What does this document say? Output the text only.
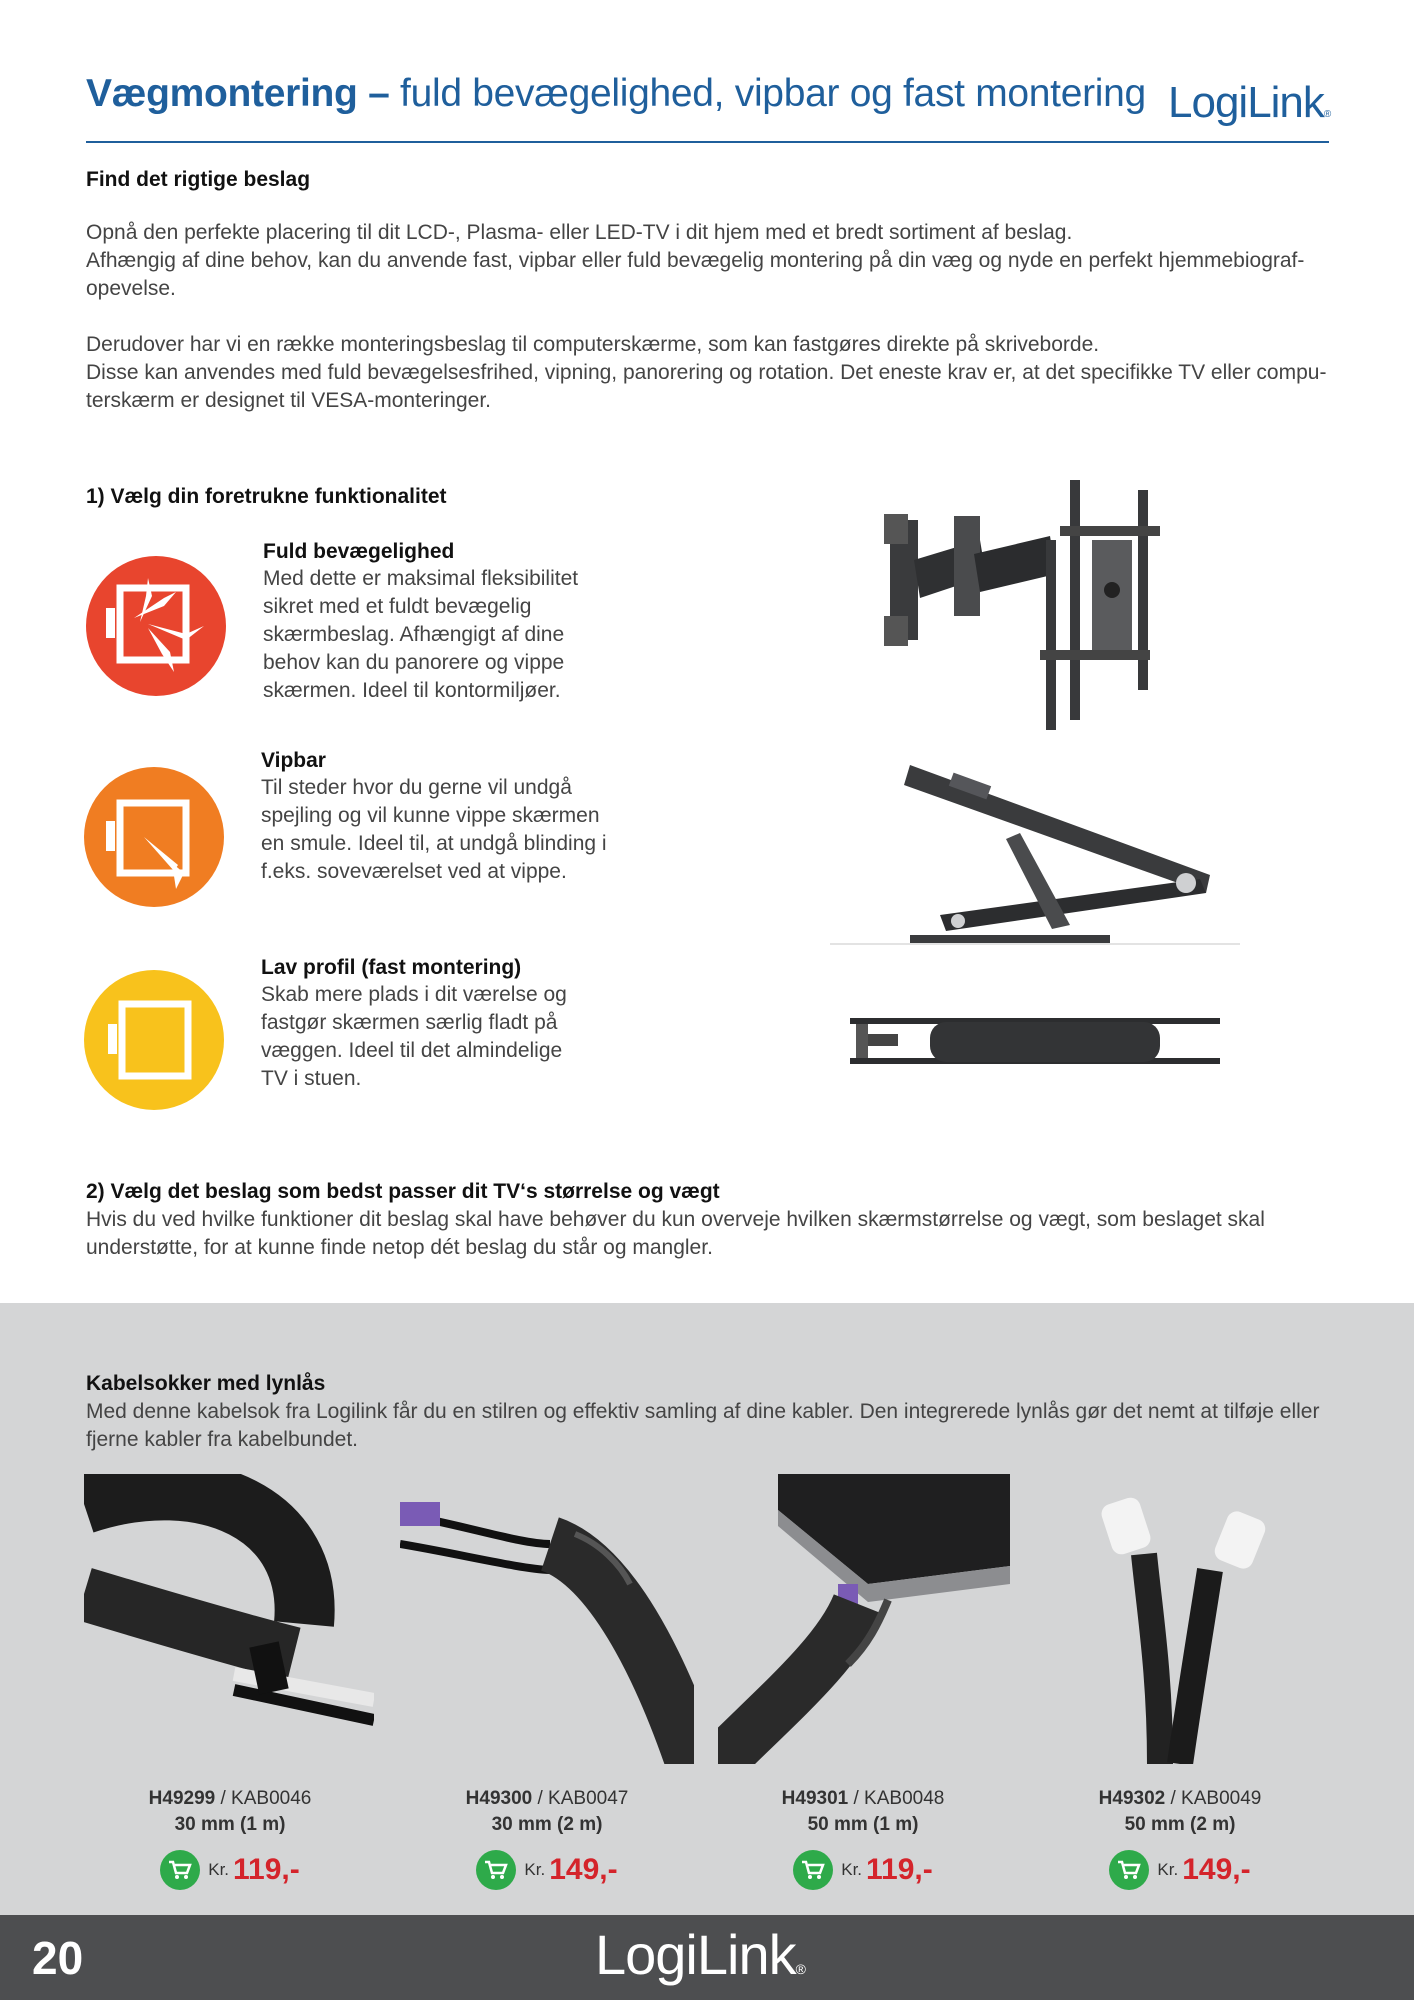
Vægmontering – fuld bevægelighed, vipbar og fast montering LogiLink®
Find det rigtige beslag

Opnå den perfekte placering til dit LCD-, Plasma- eller LED-TV i dit hjem med et bredt sortiment af beslag.

Afhængig af dine behov, kan du anvende fast, vipbar eller fuld bevægelig montering på din væg og nyde en perfekt hjemmebiograf-

opevelse.

Derudover har vi en række monteringsbeslag til computerskærme, som kan fastgøres direkte på skriveborde.

Disse kan anvendes med fuld bevægelsesfrihed, vipning, panorering og rotation. Det eneste krav er, at det specifikke TV eller compu-

terskærm er designet til VESA-monteringer.

1) Vælg din foretrukne funktionalitet
Fuld bevægelighed

Med dette er maksimal fleksibilitet

sikret med et fuldt bevægelig

skærmbeslag. Afhængigt af dine

behov kan du panorere og vippe

skærmen. Ideel til kontormiljøer.

Vipbar

Til steder hvor du gerne vil undgå

spejling og vil kunne vippe skærmen

en smule. Ideel til, at undgå blinding i

f.eks. soveværelset ved at vippe.

Lav profil (fast montering)

Skab mere plads i dit værelse og

fastgør skærmen særlig fladt på

væggen. Ideel til det almindelige

TV i stuen.

2) Vælg det beslag som bedst passer dit TV‘s størrelse og vægt

Hvis du ved hvilke funktioner dit beslag skal have behøver du kun overveje hvilken skærmstørrelse og vægt, som beslaget skal

understøtte, for at kunne finde netop dét beslag du står og mangler.

Kabelsokker med lynlås

Med denne kabelsok fra Logilink får du en stilren og effektiv samling af dine kabler. Den integrerede lynlås gør det nemt at tilføje eller

fjerne kabler fra kabelbundet.

H49299 / KAB0046
30 mm (1 m)
Kr. 119,-
H49300 / KAB0047
30 mm (2 m)
Kr. 149,-
H49301 / KAB0048
50 mm (1 m)
Kr. 119,-
H49302 / KAB0049
50 mm (2 m)
Kr. 149,-
20	LogiLink®
